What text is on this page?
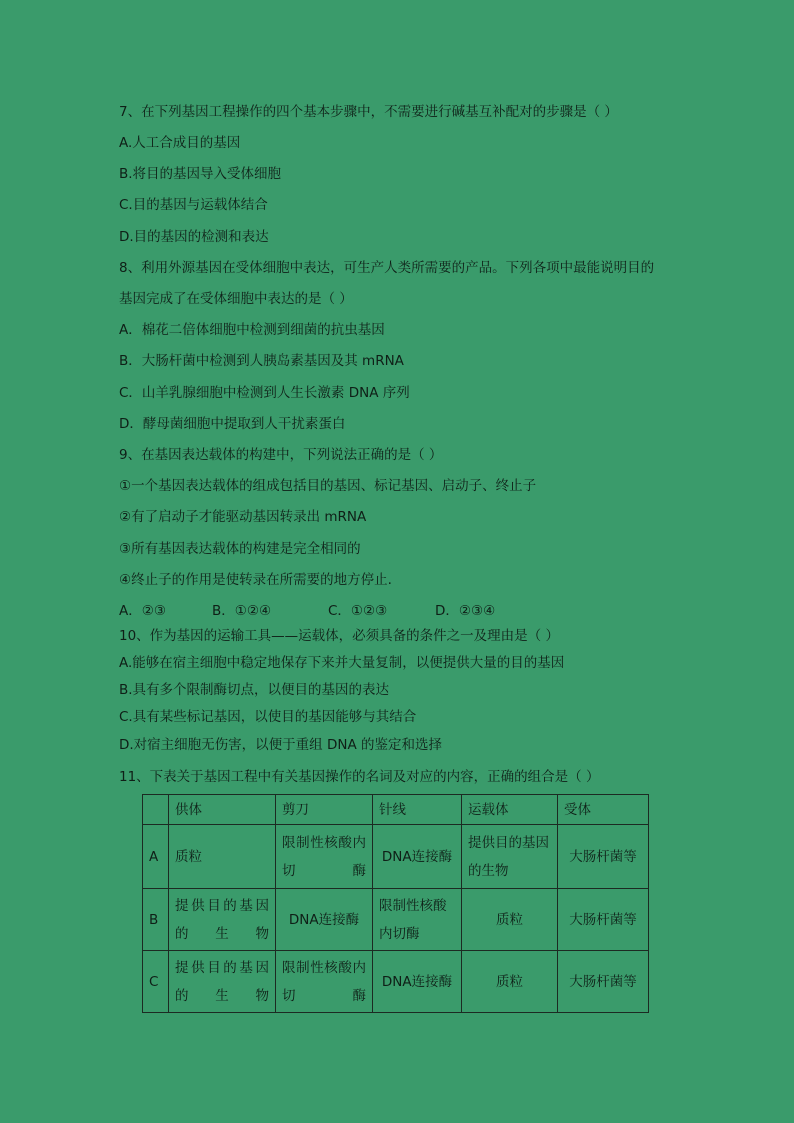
7、在下列基因工程操作的四个基本步骤中，不需要进行碱基互补配对的步骤是（ ）
A.人工合成目的基因
B.将目的基因导入受体细胞
C.目的基因与运载体结合
D.目的基因的检测和表达
8、利用外源基因在受体细胞中表达，可生产人类所需要的产品。下列各项中最能说明目的
基因完成了在受体细胞中表达的是（ ）
A．棉花二倍体细胞中检测到细菌的抗虫基因
B．大肠杆菌中检测到人胰岛素基因及其 mRNA
C．山羊乳腺细胞中检测到人生长激素 DNA 序列
D．酵母菌细胞中提取到人干扰素蛋白
9、在基因表达载体的构建中，下列说法正确的是（ ）
①一个基因表达载体的组成包括目的基因、标记基因、启动子、终止子
②有了启动子才能驱动基因转录出 mRNA
③所有基因表达载体的构建是完全相同的
④终止子的作用是使转录在所需要的地方停止.
A．②③	B．①②④	C．①②③	D．②③④
10、作为基因的运输工具——运载体，必须具备的条件之一及理由是（ ）
A.能够在宿主细胞中稳定地保存下来并大量复制，以便提供大量的目的基因
B.具有多个限制酶切点，以便目的基因的表达
C.具有某些标记基因，以使目的基因能够与其结合
D.对宿主细胞无伤害，以便于重组 DNA 的鉴定和选择
11、下表关于基因工程中有关基因操作的名词及对应的内容，正确的组合是（ ）
	供体	剪刀	针线	运载体	受体
A	质粒	限制性核酸内切酶	DNA连接酶	提供目的基因的生物	大肠杆菌等
B	提供目的基因的生物	DNA连接酶	限制性核酸内切酶	质粒	大肠杆菌等
C	提供目的基因的生物	限制性核酸内切酶	DNA连接酶	质粒	大肠杆菌等
